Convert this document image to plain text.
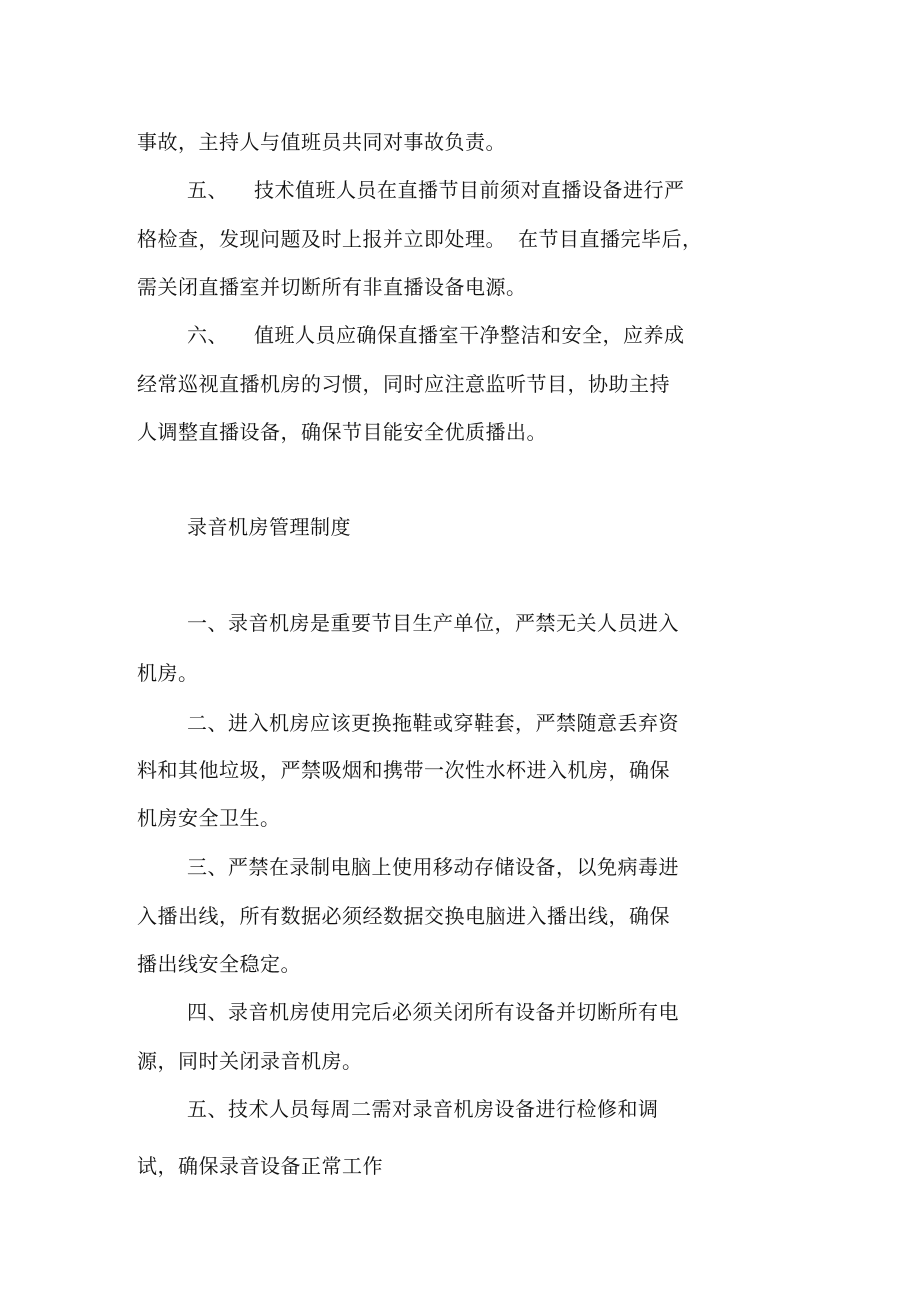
事故，主持人与值班员共同对事故负责。
五、 技术值班人员在直播节目前须对直播设备进行严
格检查，发现问题及时上报并立即处理。 在节目直播完毕后，
需关闭直播室并切断所有非直播设备电源。
六、 值班人员应确保直播室干净整洁和安全，应养成
经常巡视直播机房的习惯，同时应注意监听节目，协助主持
人调整直播设备，确保节目能安全优质播出。
录音机房管理制度
一、录音机房是重要节目生产单位，严禁无关人员进入
机房。
二、进入机房应该更换拖鞋或穿鞋套，严禁随意丢弃资
料和其他垃圾，严禁吸烟和携带一次性水杯进入机房，确保
机房安全卫生。
三、严禁在录制电脑上使用移动存储设备，以免病毒进
入播出线，所有数据必须经数据交换电脑进入播出线，确保
播出线安全稳定。
四、录音机房使用完后必须关闭所有设备并切断所有电
源，同时关闭录音机房。
五、技术人员每周二需对录音机房设备进行检修和调
试，确保录音设备正常工作
